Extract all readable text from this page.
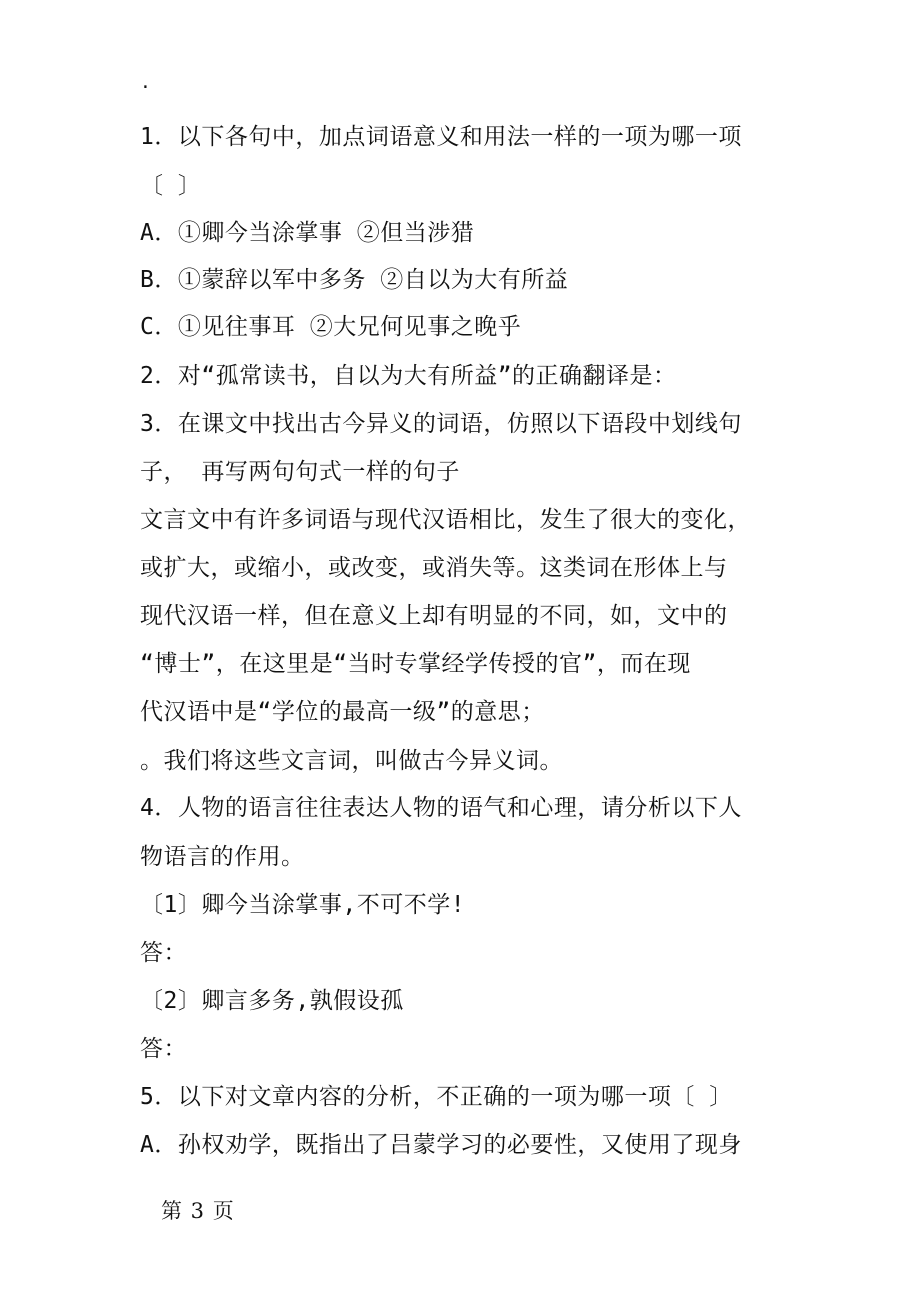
.
1．以下各句中，加点词语意义和用法一样的一项为哪一项
〔 〕
A．①卿今当涂掌事 ②但当涉猎
B．①蒙辞以军中多务 ②自以为大有所益
C．①见往事耳 ②大兄何见事之晚乎
2．对“孤常读书，自以为大有所益”的正确翻译是：
3．在课文中找出古今异义的词语，仿照以下语段中划线句
子， 再写两句句式一样的句子
文言文中有许多词语与现代汉语相比，发生了很大的变化，
或扩大，或缩小，或改变，或消失等。这类词在形体上与
现代汉语一样，但在意义上却有明显的不同，如，文中的
“博士”，在这里是“当时专掌经学传授的官”，而在现
代汉语中是“学位的最高一级”的意思；
。我们将这些文言词，叫做古今异义词。
4．人物的语言往往表达人物的语气和心理，请分析以下人
物语言的作用。
〔1〕卿今当涂掌事,不可不学!
答：
〔2〕卿言多务,孰假设孤
答：
5．以下对文章内容的分析，不正确的一项为哪一项〔 〕
A．孙权劝学，既指出了吕蒙学习的必要性，又使用了现身
第 3 页
